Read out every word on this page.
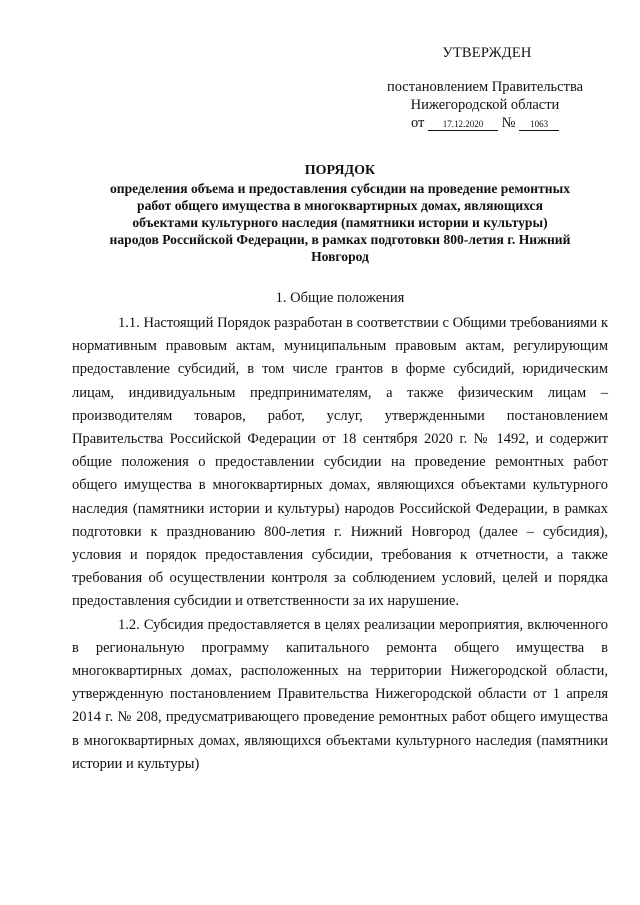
УТВЕРЖДЕН
постановлением Правительства
Нижегородской области
от 17.12.2020 № 1063
ПОРЯДОК
определения объема и предоставления субсидии на проведение ремонтных
работ общего имущества в многоквартирных домах, являющихся
объектами культурного наследия (памятники истории и культуры)
народов Российской Федерации, в рамках подготовки 800-летия г. Нижний
Новгород
1. Общие положения

1.1. Настоящий Порядок разработан в соответствии с Общими требованиями к нормативным правовым актам, муниципальным правовым актам, регулирующим предоставление субсидий, в том числе грантов в форме субсидий, юридическим лицам, индивидуальным предпринимателям, а также физическим лицам – производителям товаров, работ, услуг, утвержденными постановлением Правительства Российской Федерации от 18 сентября 2020 г. № 1492, и содержит общие положения о предоставлении субсидии на проведение ремонтных работ общего имущества в многоквартирных домах, являющихся объектами культурного наследия (памятники истории и культуры) народов Российской Федерации, в рамках подготовки к празднованию 800-летия г. Нижний Новгород (далее – субсидия), условия и порядок предоставления субсидии, требования к отчетности, а также требования об осуществлении контроля за соблюдением условий, целей и порядка предоставления субсидии и ответственности за их нарушение.

1.2. Субсидия предоставляется в целях реализации мероприятия, включенного в региональную программу капитального ремонта общего имущества в многоквартирных домах, расположенных на территории Нижегородской области, утвержденную постановлением Правительства Нижегородской области от 1 апреля 2014 г. № 208, предусматривающего проведение ремонтных работ общего имущества в многоквартирных домах, являющихся объектами культурного наследия (памятники истории и культуры)
